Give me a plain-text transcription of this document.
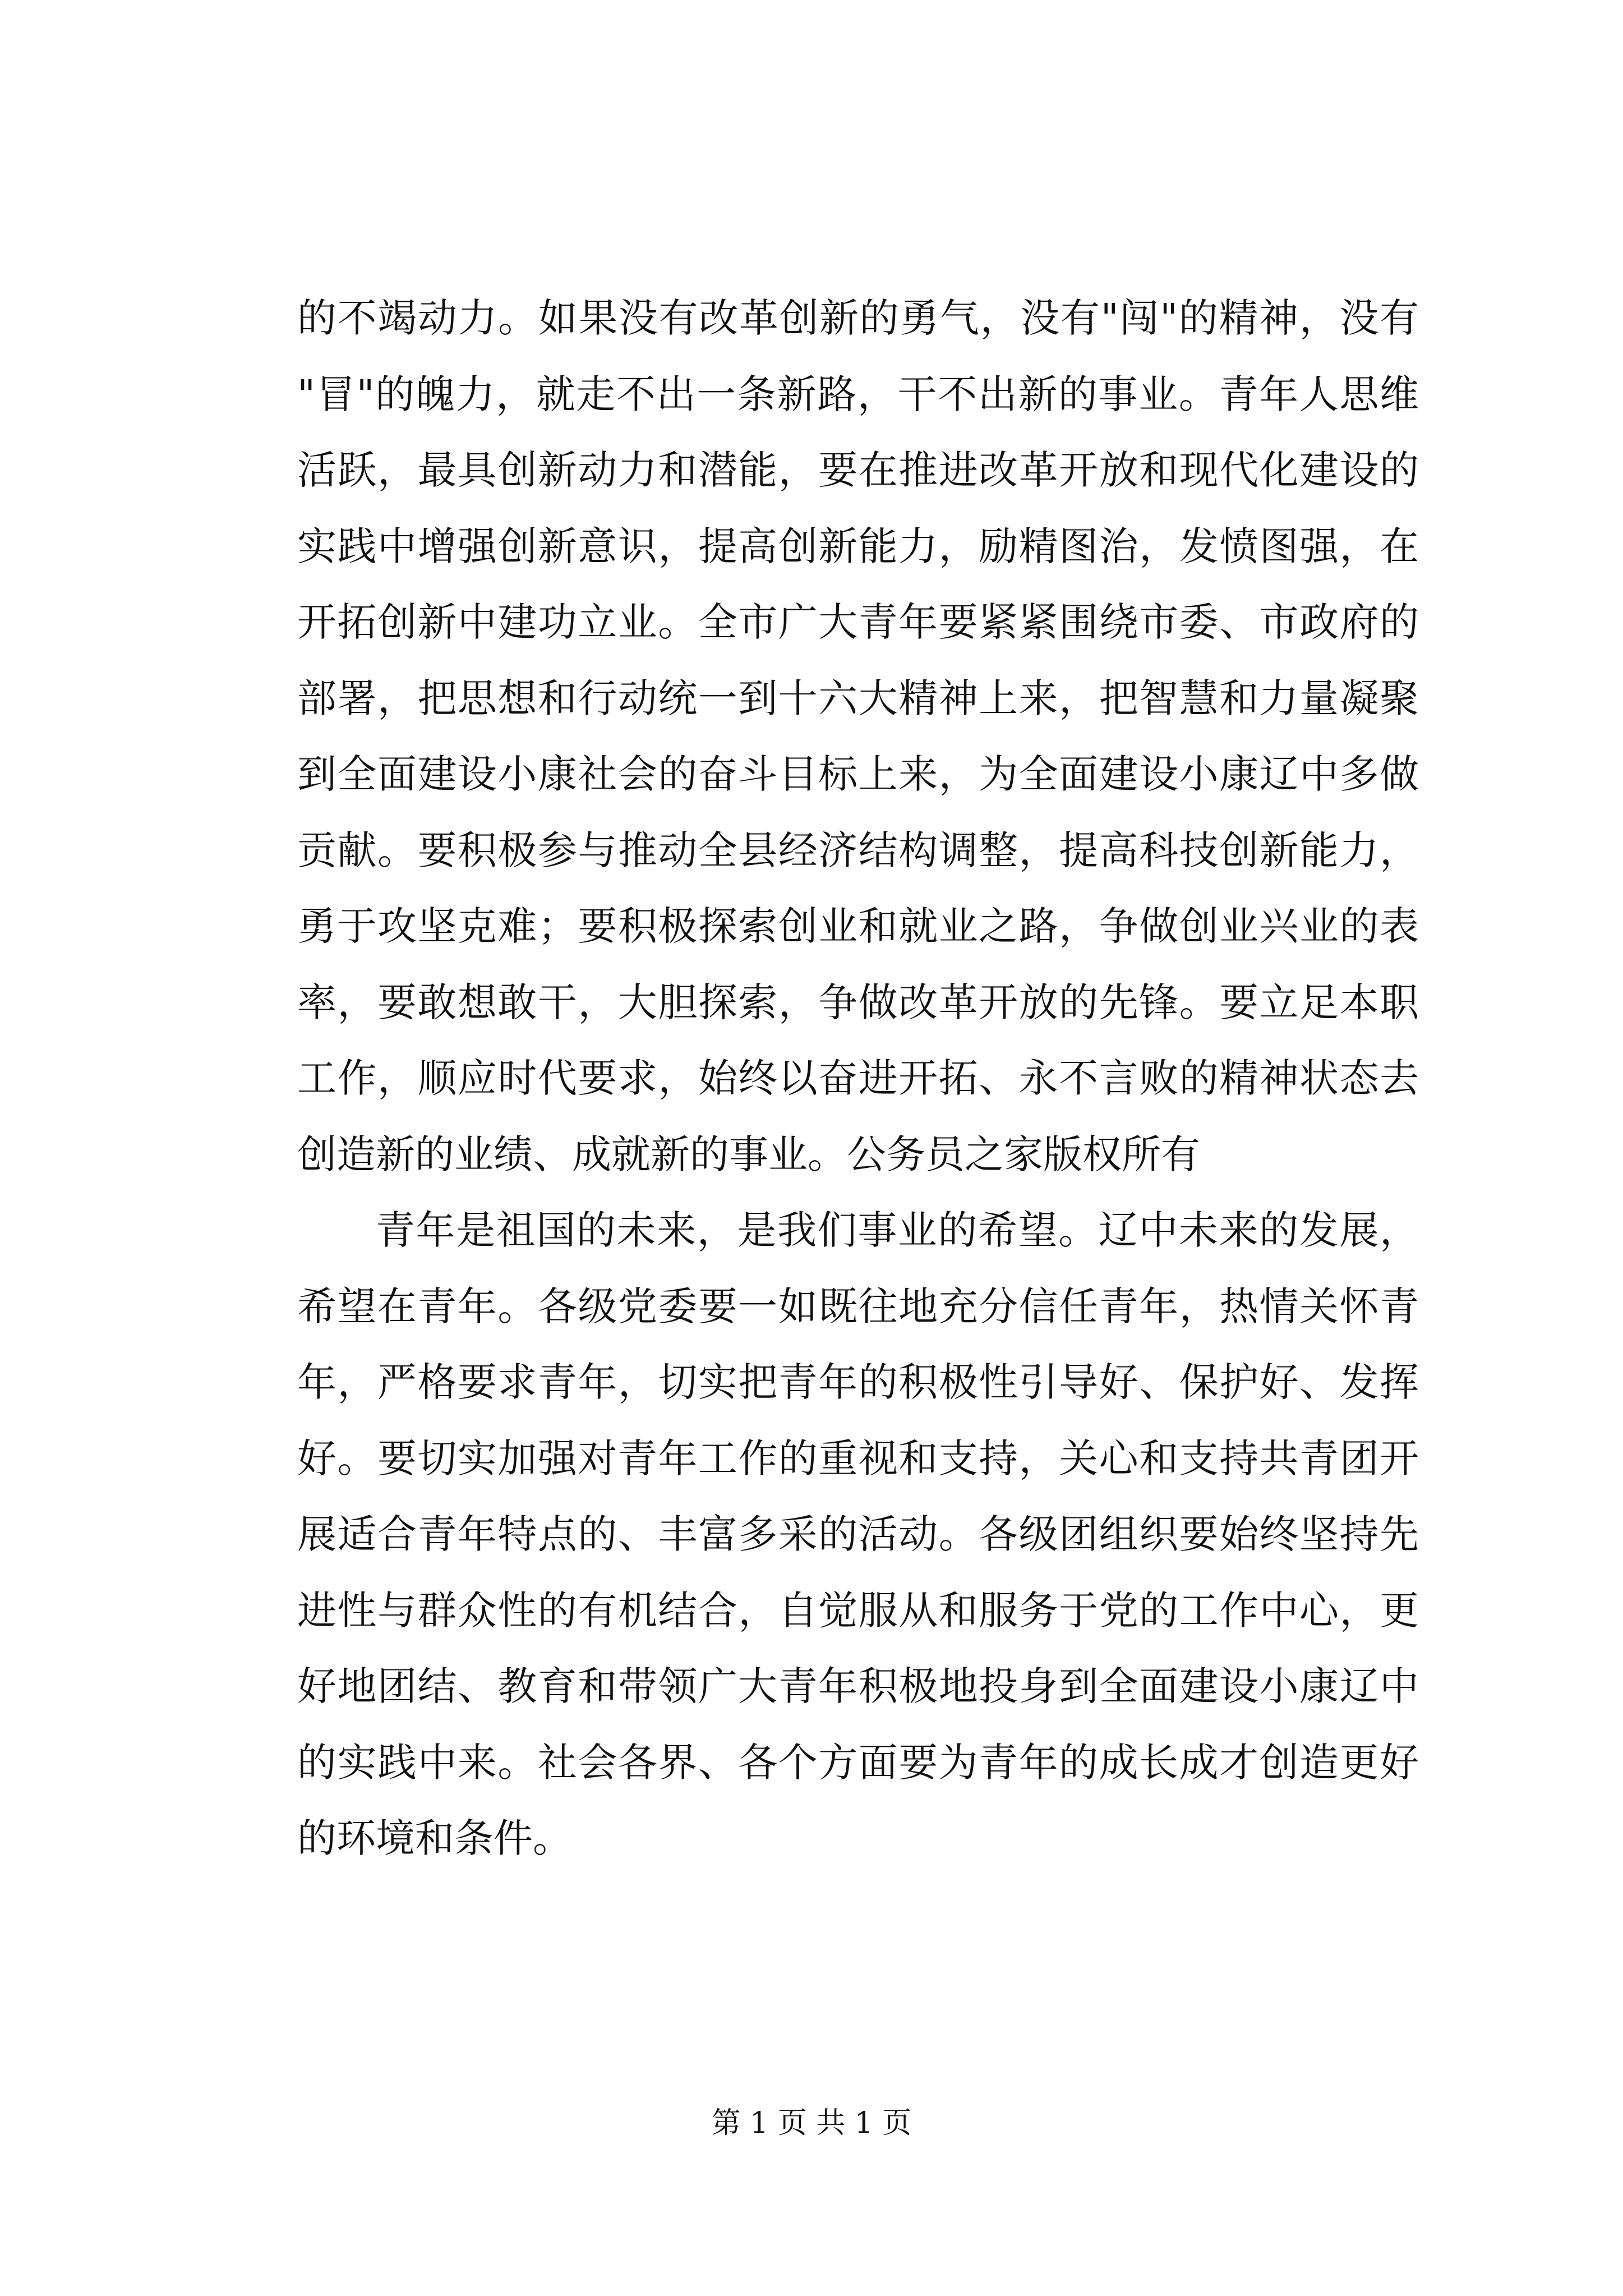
的不竭动力。如果没有改革创新的勇气，没有"闯"的精神，没有
"冒"的魄力，就走不出一条新路，干不出新的事业。青年人思维
活跃，最具创新动力和潜能，要在推进改革开放和现代化建设的
实践中增强创新意识，提高创新能力，励精图治，发愤图强，在
开拓创新中建功立业。全市广大青年要紧紧围绕市委、市政府的
部署，把思想和行动统一到十六大精神上来，把智慧和力量凝聚
到全面建设小康社会的奋斗目标上来，为全面建设小康辽中多做
贡献。要积极参与推动全县经济结构调整，提高科技创新能力，
勇于攻坚克难；要积极探索创业和就业之路，争做创业兴业的表
率，要敢想敢干，大胆探索，争做改革开放的先锋。要立足本职
工作，顺应时代要求，始终以奋进开拓、永不言败的精神状态去
创造新的业绩、成就新的事业。公务员之家版权所有
青年是祖国的未来，是我们事业的希望。辽中未来的发展，
希望在青年。各级党委要一如既往地充分信任青年，热情关怀青
年，严格要求青年，切实把青年的积极性引导好、保护好、发挥
好。要切实加强对青年工作的重视和支持，关心和支持共青团开
展适合青年特点的、丰富多采的活动。各级团组织要始终坚持先
进性与群众性的有机结合，自觉服从和服务于党的工作中心，更
好地团结、教育和带领广大青年积极地投身到全面建设小康辽中
的实践中来。社会各界、各个方面要为青年的成长成才创造更好
的环境和条件。
第 1 页 共 1 页
